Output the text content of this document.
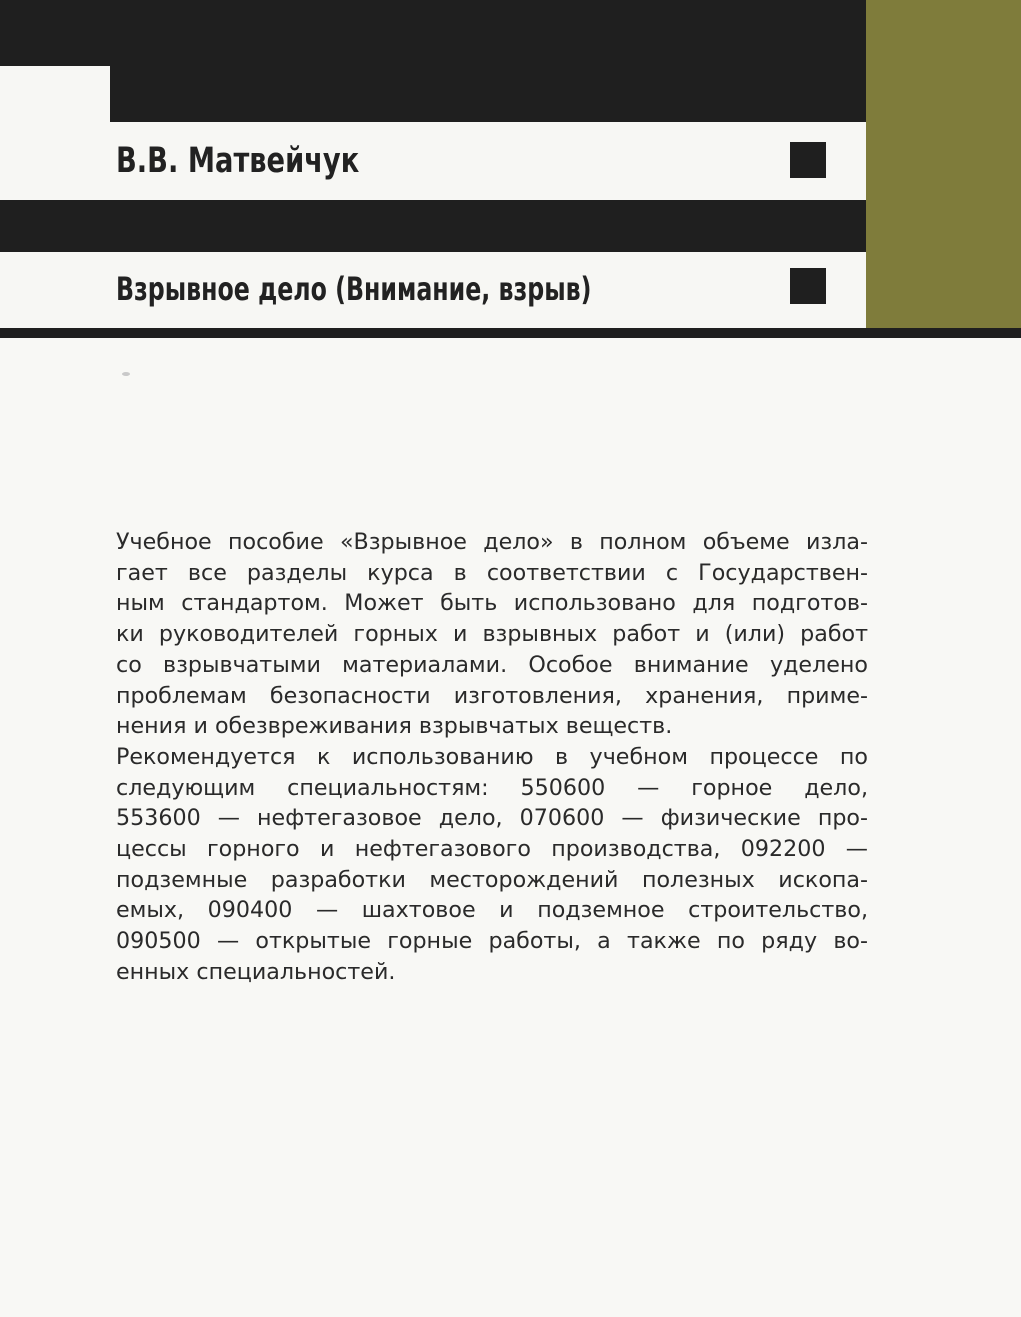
В.В. Матвейчук
Взрывное дело (Внимание, взрыв)

Учебное пособие «Взрывное дело» в полном объеме изла-
гает все разделы курса в соответствии с Государствен-
ным стандартом. Может быть использовано для подготов-
ки руководителей горных и взрывных работ и (или) работ
со взрывчатыми материалами. Особое внимание уделено
проблемам безопасности изготовления, хранения, приме-
нения и обезвреживания взрывчатых веществ.

Рекомендуется к использованию в учебном процессе по
следующим специальностям: 550600 — горное дело,
553600 — нефтегазовое дело, 070600 — физические про-
цессы горного и нефтегазового производства, 092200 —
подземные разработки месторождений полезных ископа-
емых, 090400 — шахтовое и подземное строительство,
090500 — открытые горные работы, а также по ряду во-
енных специальностей.
